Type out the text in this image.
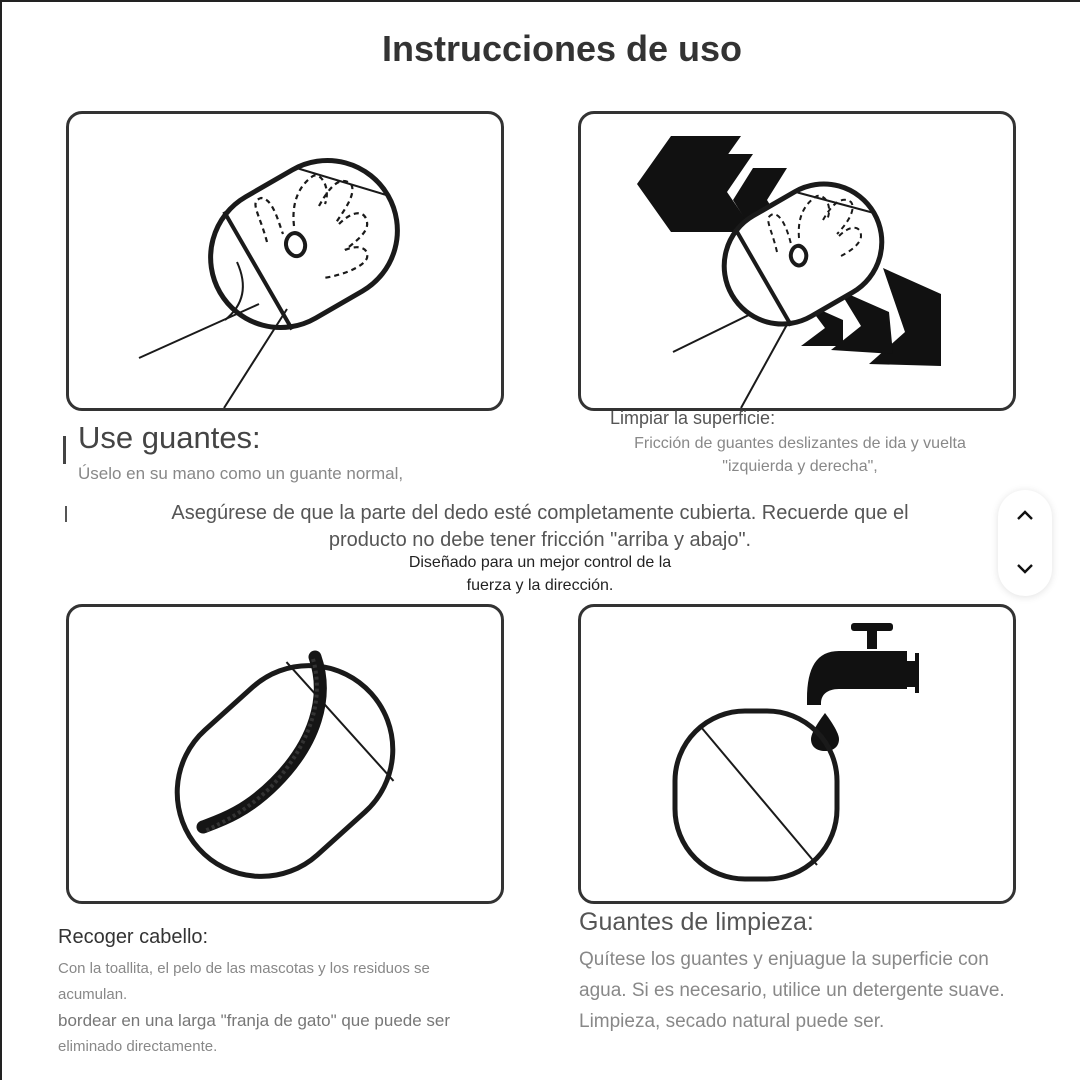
Instrucciones de uso

Use guantes:

Úselo en su mano como un guante normal,

Limpiar la superficie:

Fricción de guantes deslizantes de ida y vuelta
"izquierda y derecha",
Asegúrese de que la parte del dedo esté completamente cubierta. Recuerde que el
producto no debe tener fricción "arriba y abajo".
Diseñado para un mejor control de la
fuerza y la dirección.

Recoger cabello:

Con la toallita, el pelo de las mascotas y los residuos se
acumulan.
bordear en una larga "franja de gato" que puede ser
eliminado directamente.

Guantes de limpieza:

Quítese los guantes y enjuague la superficie con
agua. Si es necesario, utilice un detergente suave.
Limpieza, secado natural puede ser.
